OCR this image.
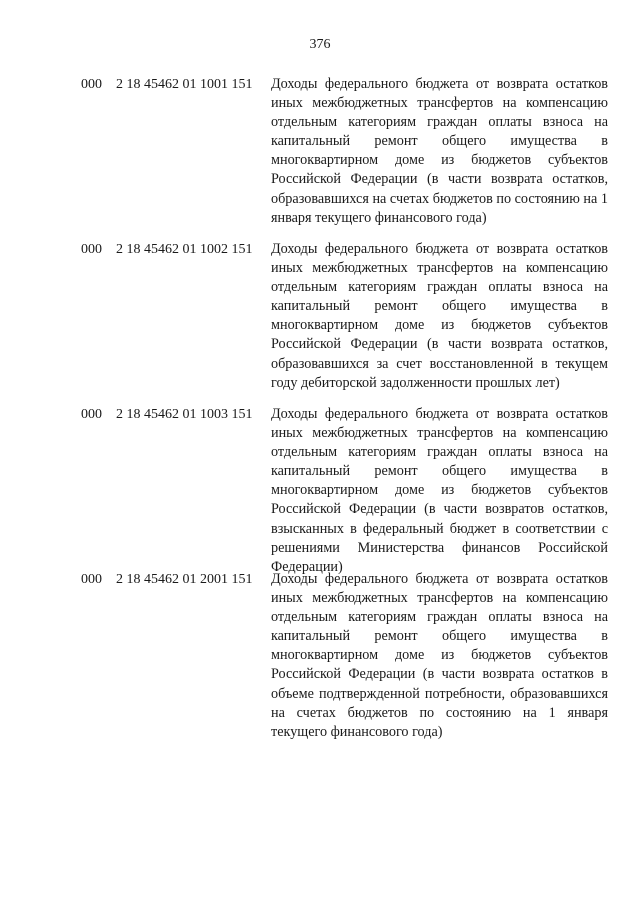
376
000 2 18 45462 01 1001 151 Доходы федерального бюджета от возврата остатков иных межбюджетных трансфертов на компенсацию отдельным категориям граждан оплаты взноса на капитальный ремонт общего имущества в многоквартирном доме из бюджетов субъектов Российской Федерации (в части возврата остатков, образовавшихся на счетах бюджетов по состоянию на 1 января текущего финансового года)
000 2 18 45462 01 1002 151 Доходы федерального бюджета от возврата остатков иных межбюджетных трансфертов на компенсацию отдельным категориям граждан оплаты взноса на капитальный ремонт общего имущества в многоквартирном доме из бюджетов субъектов Российской Федерации (в части возврата остатков, образовавшихся за счет восстановленной в текущем году дебиторской задолженности прошлых лет)
000 2 18 45462 01 1003 151 Доходы федерального бюджета от возврата остатков иных межбюджетных трансфертов на компенсацию отдельным категориям граждан оплаты взноса на капитальный ремонт общего имущества в многоквартирном доме из бюджетов субъектов Российской Федерации (в части возвратов остатков, взысканных в федеральный бюджет в соответствии с решениями Министерства финансов Российской Федерации)
000 2 18 45462 01 2001 151 Доходы федерального бюджета от возврата остатков иных межбюджетных трансфертов на компенсацию отдельным категориям граждан оплаты взноса на капитальный ремонт общего имущества в многоквартирном доме из бюджетов субъектов Российской Федерации (в части возврата остатков в объеме подтвержденной потребности, образовавшихся на счетах бюджетов по состоянию на 1 января текущего финансового года)
